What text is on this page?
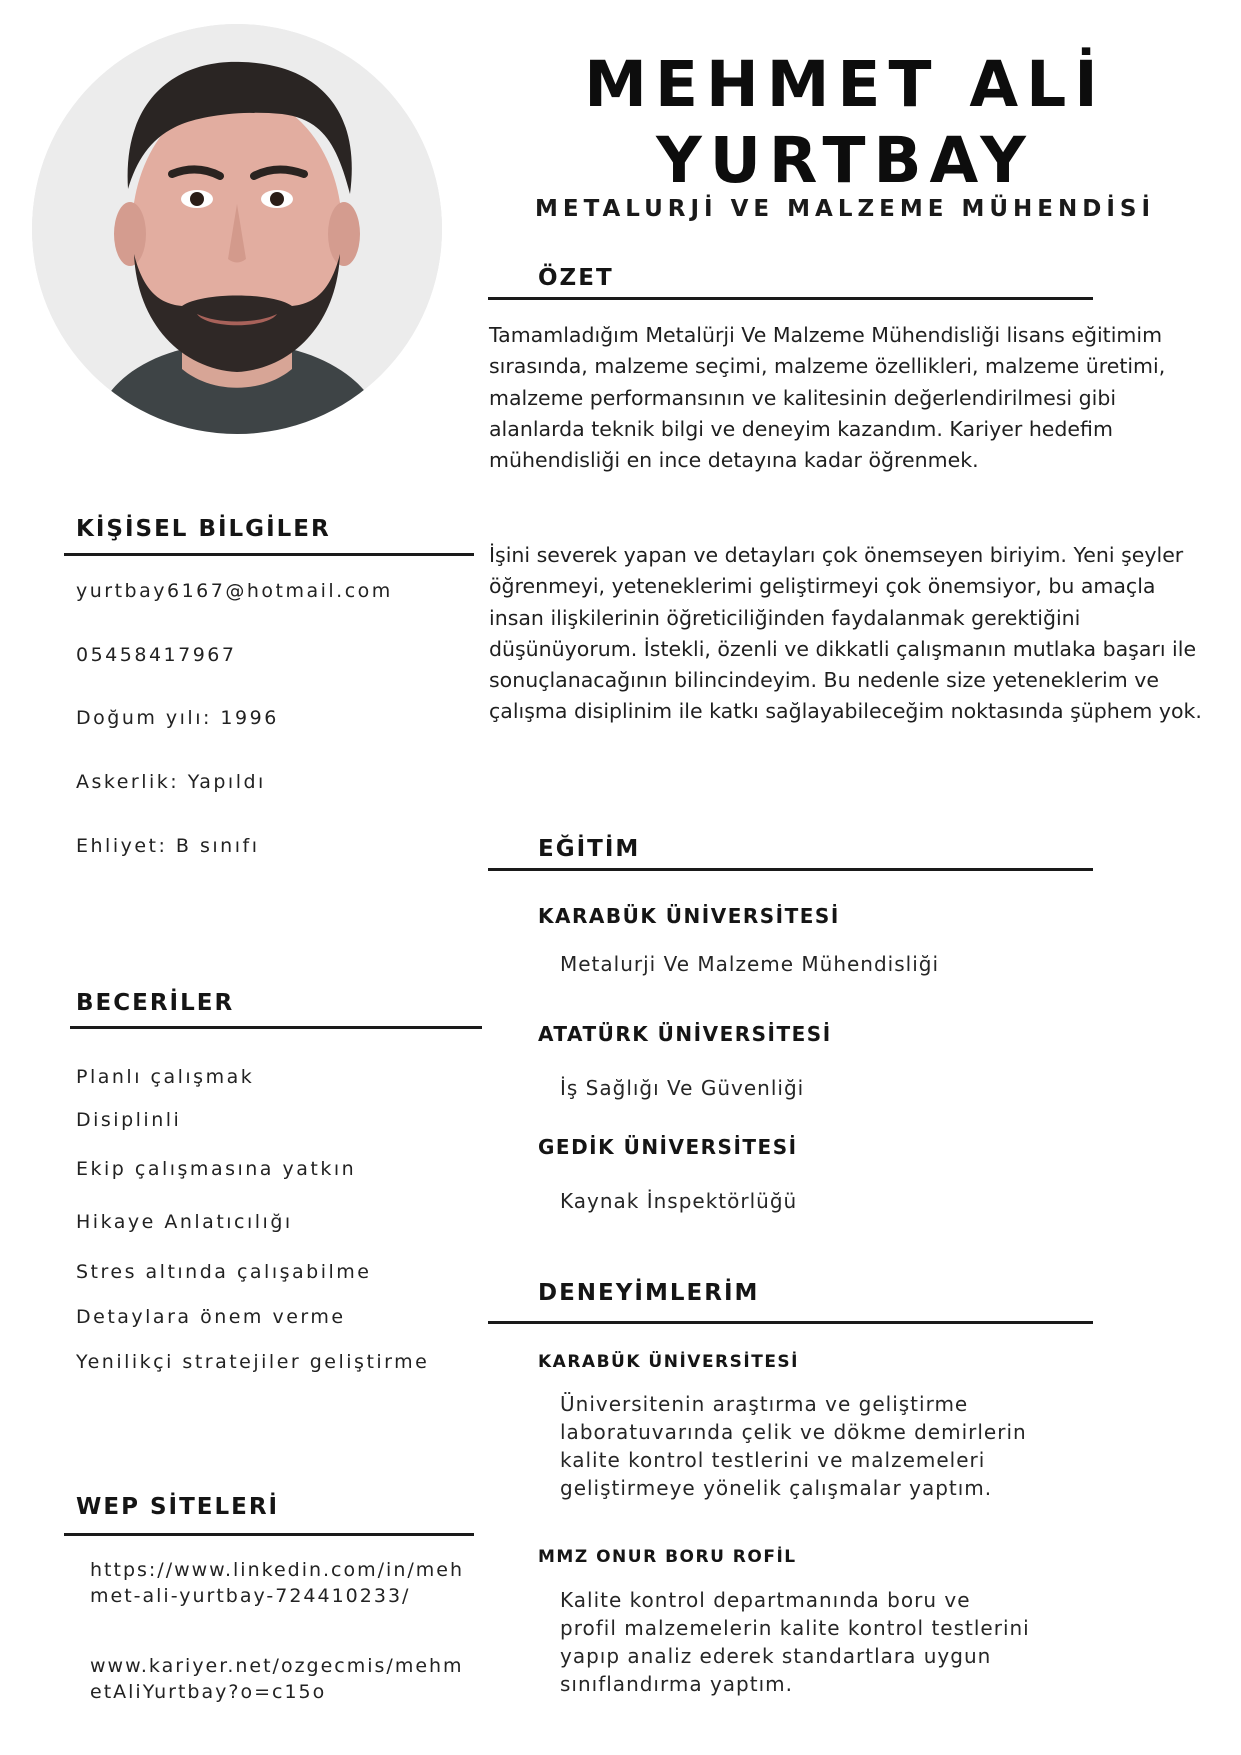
MEHMET ALİ
YURTBAY
METALURJİ VE MALZEME MÜHENDİSİ
KİŞİSEL BİLGİLER
yurtbay6167@hotmail.com
05458417967
Doğum yılı: 1996
Askerlik: Yapıldı
Ehliyet: B sınıfı
BECERİLER
Planlı çalışmak
Disiplinli
Ekip çalışmasına yatkın
Hikaye Anlatıcılığı
Stres altında çalışabilme
Detaylara önem verme
Yenilikçi stratejiler geliştirme
WEP SİTELERİ
https://www.linkedin.com/in/mehmet-ali-yurtbay-724410233/
www.kariyer.net/ozgecmis/mehmetAliYurtbay?o=c15o
ÖZET
Tamamladığım Metalürji Ve Malzeme Mühendisliği lisans eğitimim sırasında, malzeme seçimi, malzeme özellikleri, malzeme üretimi, malzeme performansının ve kalitesinin değerlendirilmesi gibi alanlarda teknik bilgi ve deneyim kazandım. Kariyer hedefim mühendisliği en ince detayına kadar öğrenmek.
İşini severek yapan ve detayları çok önemseyen biriyim. Yeni şeyler öğrenmeyi, yeteneklerimi geliştirmeyi çok önemsiyor, bu amaçla insan ilişkilerinin öğreticiliğinden faydalanmak gerektiğini düşünüyorum. İstekli, özenli ve dikkatli çalışmanın mutlaka başarı ile sonuçlanacağının bilincindeyim. Bu nedenle size yeteneklerim ve çalışma disiplinim ile katkı sağlayabileceğim noktasında şüphem yok.
EĞİTİM
KARABÜK ÜNİVERSİTESİ
Metalurji Ve Malzeme Mühendisliği
ATATÜRK ÜNİVERSİTESİ
İş Sağlığı Ve Güvenliği
GEDİK ÜNİVERSİTESİ
Kaynak İnspektörlüğü
DENEYİMLERİM
KARABÜK ÜNİVERSİTESİ
Üniversitenin araştırma ve geliştirme laboratuvarında çelik ve dökme demirlerin kalite kontrol testlerini ve malzemeleri geliştirmeye yönelik çalışmalar yaptım.
MMZ ONUR BORU ROFİL
Kalite kontrol departmanında boru ve profil malzemelerin kalite kontrol testlerini yapıp analiz ederek standartlara uygun sınıflandırma yaptım.
